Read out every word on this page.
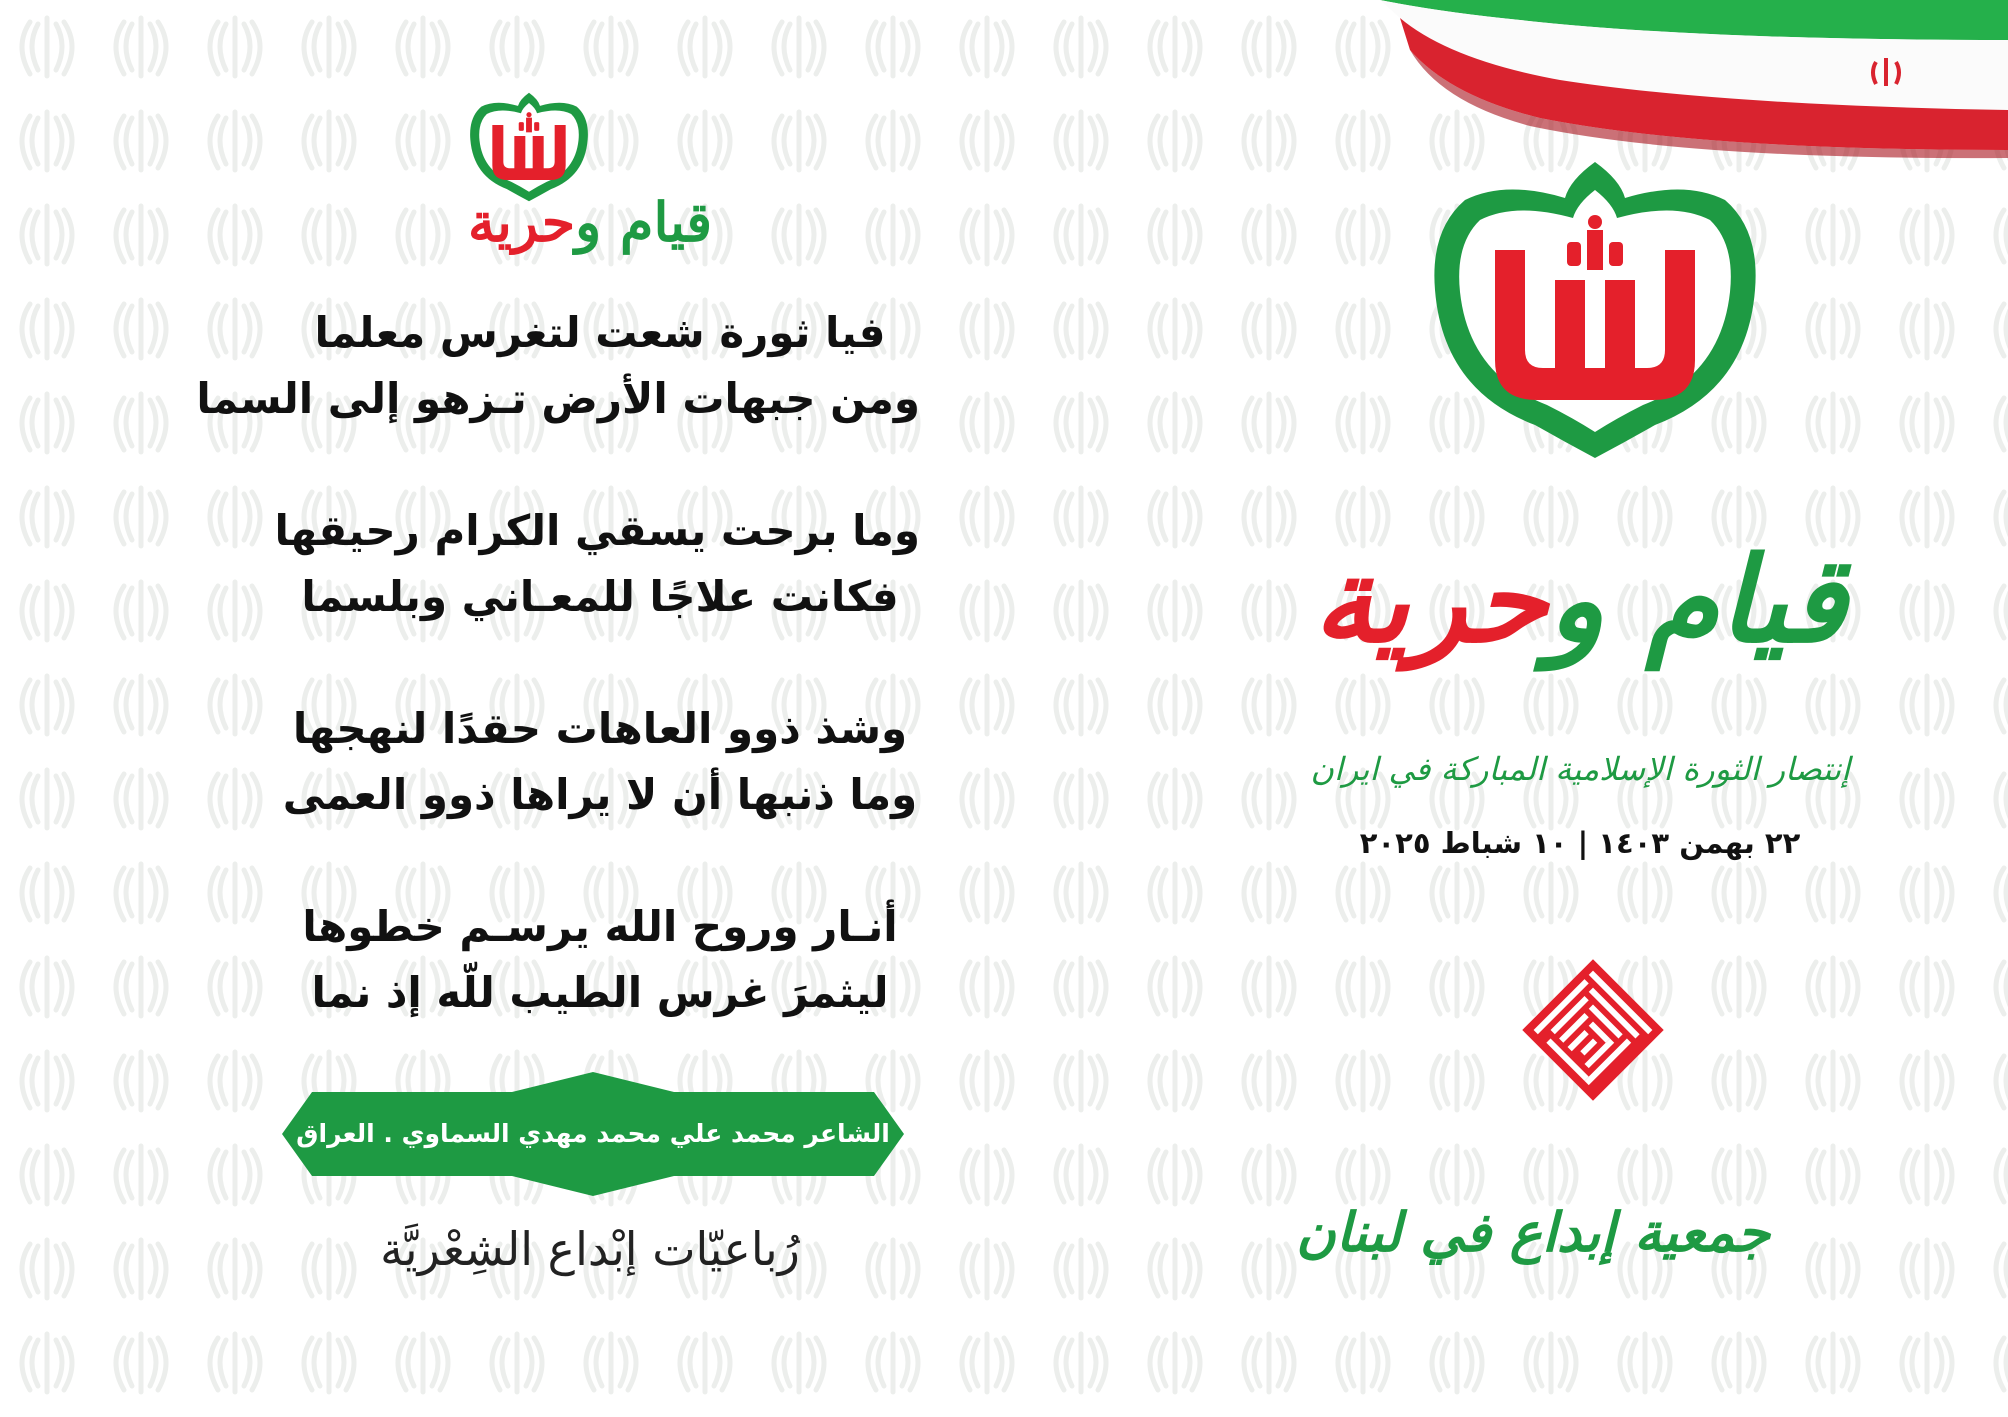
قيام وحرية
قيام وحرية
إنتصار الثورة الإسلامية المباركة في ايران
٢٢ بهمن ١٤٠٣ | ١٠ شباط ٢٠٢٥
جمعية إبداع في لبنان
فيا ثورة شعت لتغرس معلما
ومن جبهات الأرض تـزهو إلى السما
وما برحت يسقي الكرام رحيقها
فكانت علاجًا للمعـاني وبلسما
وشذ ذوو العاهات حقدًا لنهجها
وما ذنبها أن لا يراها ذوو العمى
أنـار وروح الله يرسـم خطوها
ليثمرَ غرس الطيب للّه إذ نما
الشاعر محمد علي محمد مهدي السماوي . العراق
رُباعيّات إبْداع الشِعْريَّة
